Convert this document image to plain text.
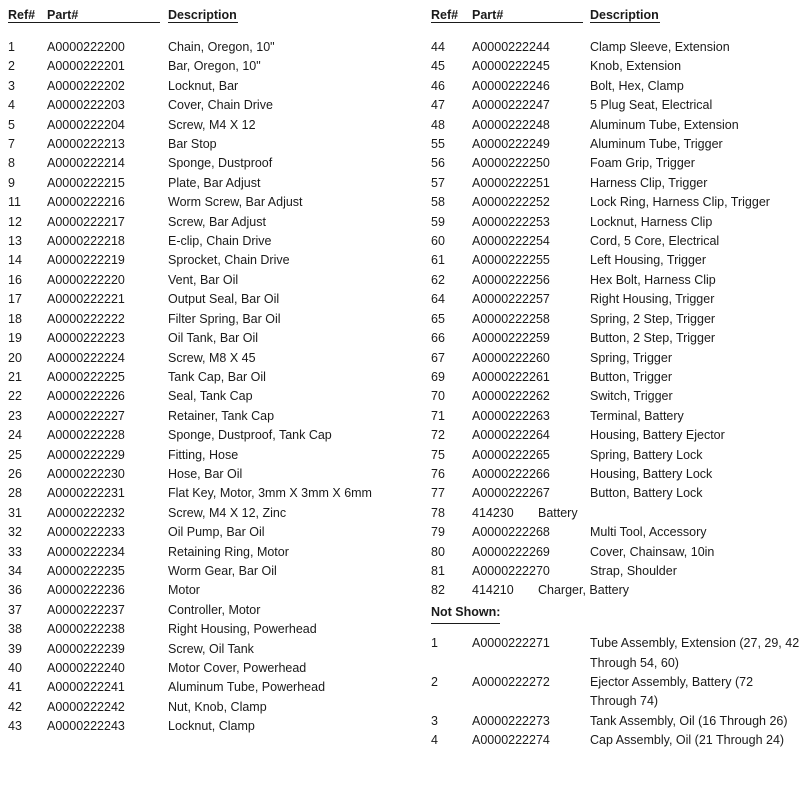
Ref# Part#	Description
1	A0000222200	Chain, Oregon, 10"
2	A0000222201	Bar, Oregon, 10"
3	A0000222202	Locknut, Bar
4	A0000222203	Cover, Chain Drive
5	A0000222204	Screw, M4 X 12
7	A0000222213	Bar Stop
8	A0000222214	Sponge, Dustproof
9	A0000222215	Plate, Bar Adjust
11	A0000222216	Worm Screw, Bar Adjust
12	A0000222217	Screw, Bar Adjust
13	A0000222218	E-clip, Chain Drive
14	A0000222219	Sprocket, Chain Drive
16	A0000222220	Vent, Bar Oil
17	A0000222221	Output Seal, Bar Oil
18	A0000222222	Filter Spring, Bar Oil
19	A0000222223	Oil Tank, Bar Oil
20	A0000222224	Screw, M8 X 45
21	A0000222225	Tank Cap, Bar Oil
22	A0000222226	Seal, Tank Cap
23	A0000222227	Retainer, Tank Cap
24	A0000222228	Sponge, Dustproof, Tank Cap
25	A0000222229	Fitting, Hose
26	A0000222230	Hose, Bar Oil
28	A0000222231	Flat Key, Motor, 3mm X 3mm X 6mm
31	A0000222232	Screw, M4 X 12, Zinc
32	A0000222233	Oil Pump, Bar Oil
33	A0000222234	Retaining Ring, Motor
34	A0000222235	Worm Gear, Bar Oil
36	A0000222236	Motor
37	A0000222237	Controller, Motor
38	A0000222238	Right Housing, Powerhead
39	A0000222239	Screw, Oil Tank
40	A0000222240	Motor Cover, Powerhead
41	A0000222241	Aluminum Tube, Powerhead
42	A0000222242	Nut, Knob, Clamp
43	A0000222243	Locknut, Clamp
Ref# Part#	Description
44	A0000222244	Clamp Sleeve, Extension
45	A0000222245	Knob, Extension
46	A0000222246	Bolt, Hex, Clamp
47	A0000222247	5 Plug Seat, Electrical
48	A0000222248	Aluminum Tube, Extension
55	A0000222249	Aluminum Tube, Trigger
56	A0000222250	Foam Grip, Trigger
57	A0000222251	Harness Clip, Trigger
58	A0000222252	Lock Ring, Harness Clip, Trigger
59	A0000222253	Locknut, Harness Clip
60	A0000222254	Cord, 5 Core, Electrical
61	A0000222255	Left Housing, Trigger
62	A0000222256	Hex Bolt, Harness Clip
64	A0000222257	Right Housing, Trigger
65	A0000222258	Spring, 2 Step, Trigger
66	A0000222259	Button, 2 Step, Trigger
67	A0000222260	Spring, Trigger
69	A0000222261	Button, Trigger
70	A0000222262	Switch, Trigger
71	A0000222263	Terminal, Battery
72	A0000222264	Housing, Battery Ejector
75	A0000222265	Spring, Battery Lock
76	A0000222266	Housing, Battery Lock
77	A0000222267	Button, Battery Lock
78	414230	Battery
79	A0000222268	Multi Tool, Accessory
80	A0000222269	Cover, Chainsaw, 10in
81	A0000222270	Strap, Shoulder
82	414210	Charger, Battery
Not Shown:
1	A0000222271	Tube Assembly, Extension (27, 29, 42 Through 54, 60)
2	A0000222272	Ejector Assembly, Battery (72 Through 74)
3	A0000222273	Tank Assembly, Oil (16 Through 26)
4	A0000222274	Cap Assembly, Oil (21 Through 24)
